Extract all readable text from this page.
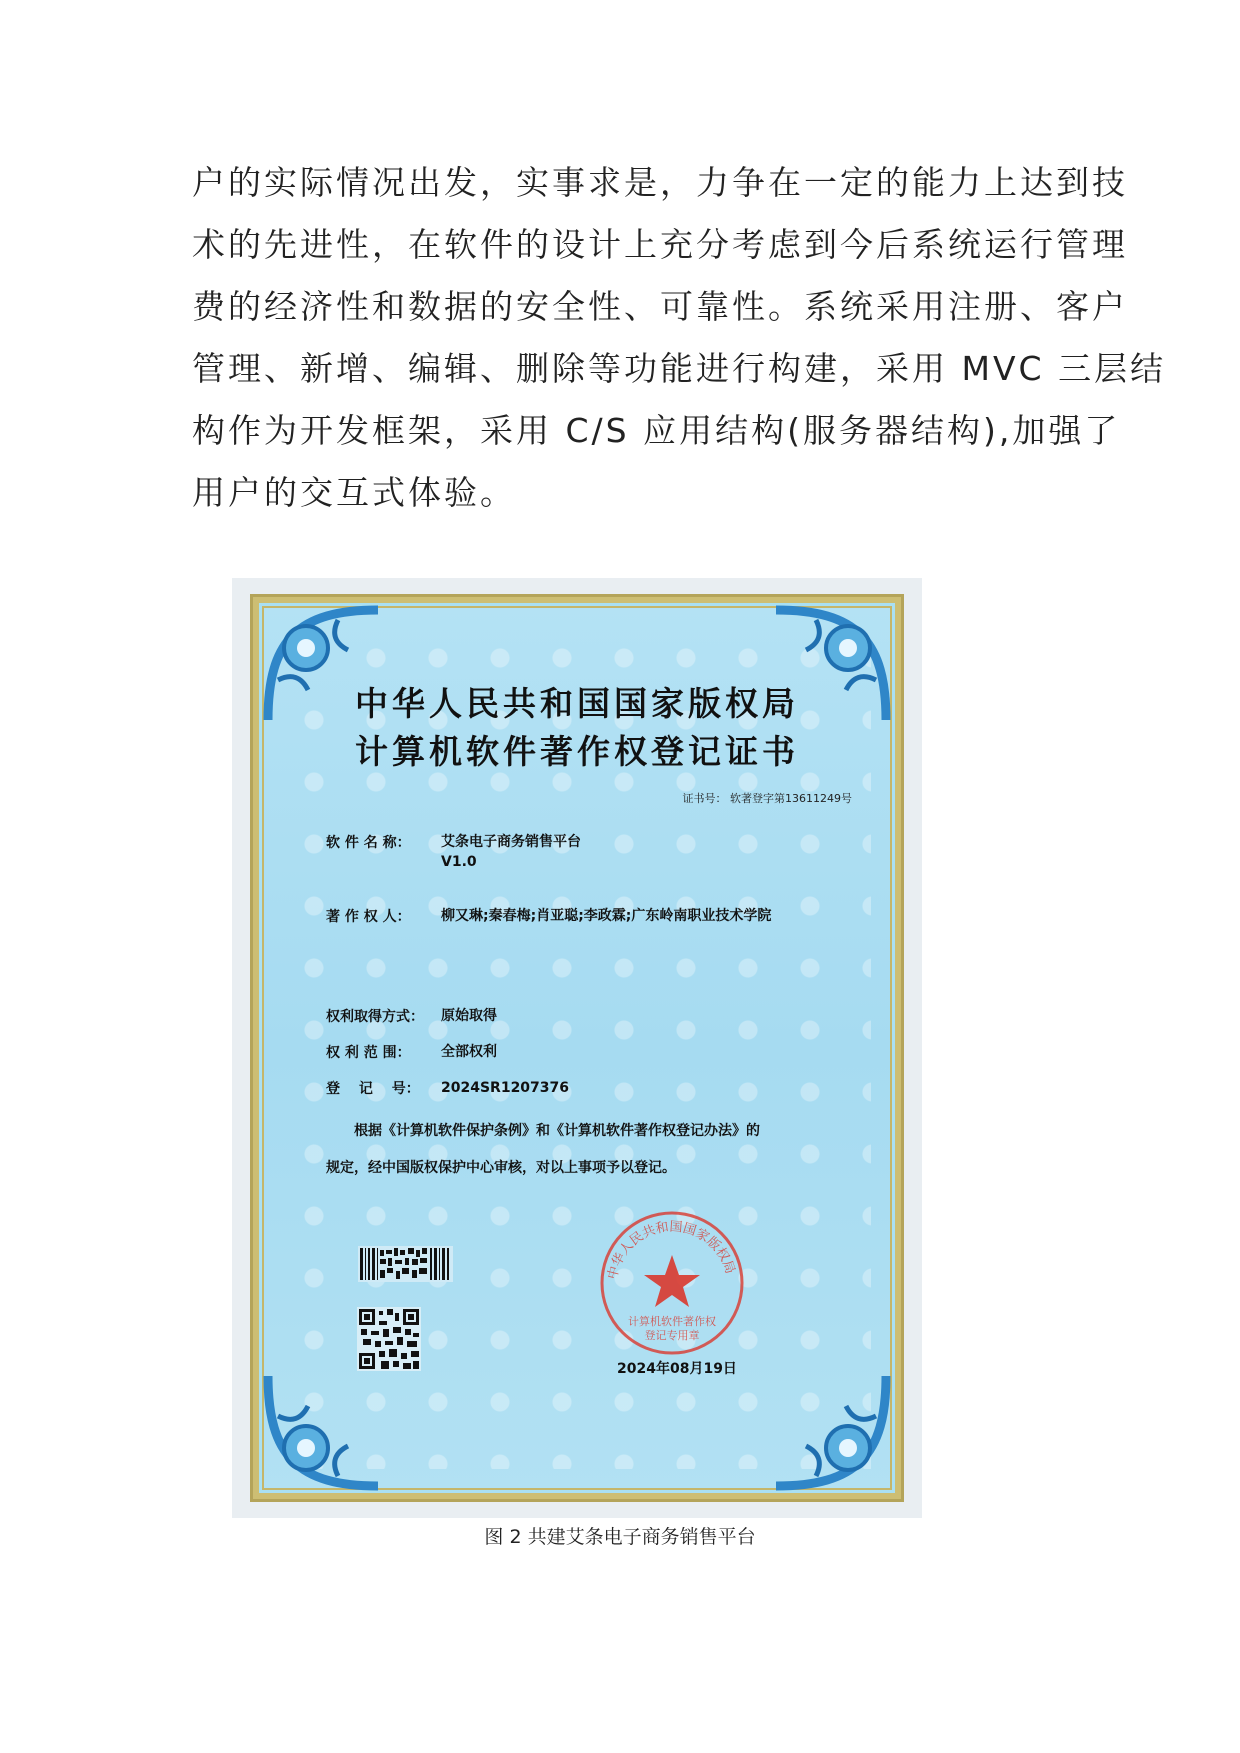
户的实际情况出发，实事求是，力争在一定的能力上达到技
术的先进性，在软件的设计上充分考虑到今后系统运行管理
费的经济性和数据的安全性、可靠性。系统采用注册、客户
管理、新增、编辑、删除等功能进行构建，采用 MVC 三层结
构作为开发框架，采用 C/S 应用结构(服务器结构),加强了
用户的交互式体验。
中华人民共和国国家版权局
计算机软件著作权登记证书
证书号： 软著登字第13611249号
软 件 名 称： 艾条电子商务销售平台
V1.0
著 作 权 人： 柳又琳;秦春梅;肖亚聪;李政霖;广东岭南职业技术学院
权利取得方式： 原始取得
权 利 范 围： 全部权利
登　 记　 号： 2024SR1207376
根据《计算机软件保护条例》和《计算机软件著作权登记办法》的
规定，经中国版权保护中心审核，对以上事项予以登记。
中华人民共和国国家版权局
计算机软件著作权
登记专用章
2024年08月19日
图 2 共建艾条电子商务销售平台
